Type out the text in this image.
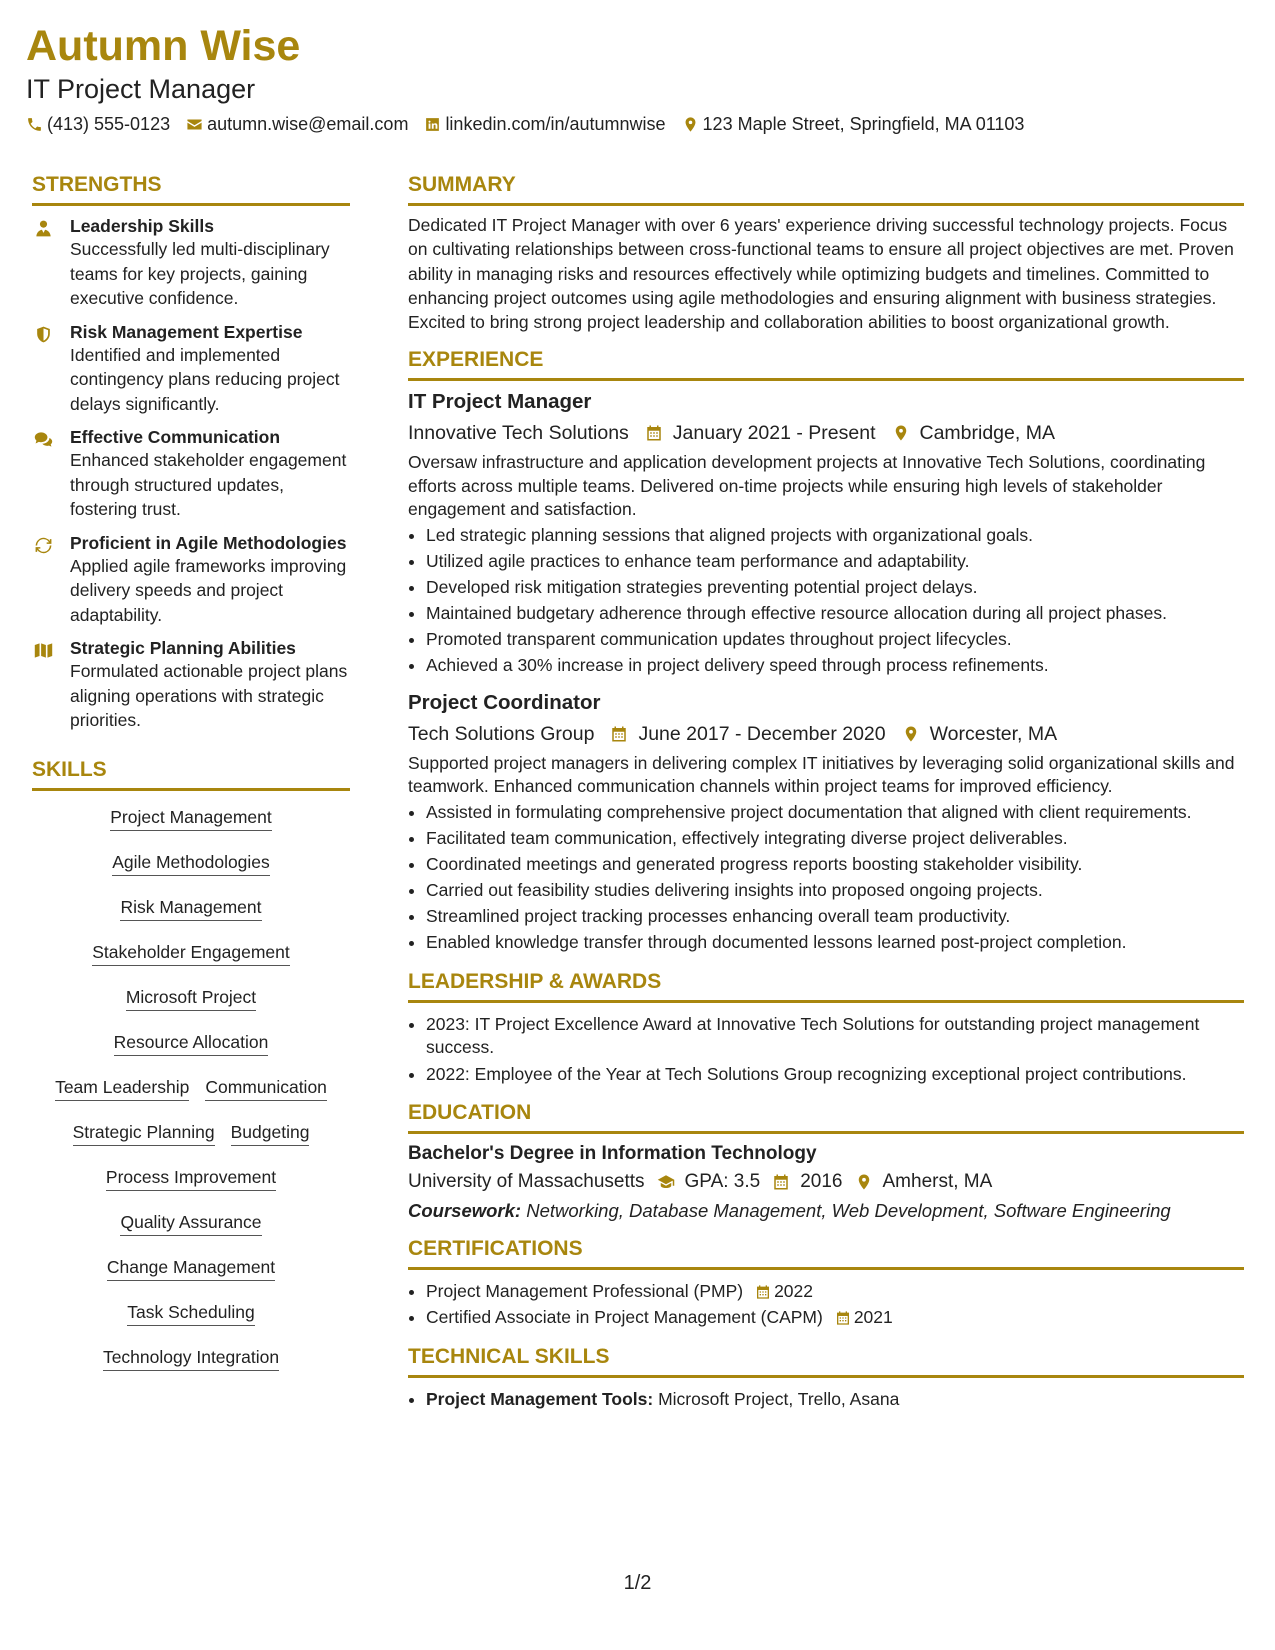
Autumn Wise
IT Project Manager
(413) 555-0123 autumn.wise@email.com linkedin.com/in/autumnwise 123 Maple Street, Springfield, MA 01103
STRENGTHS
Leadership Skills
Successfully led multi-disciplinary teams for key projects, gaining executive confidence.
Risk Management Expertise
Identified and implemented contingency plans reducing project delays significantly.
Effective Communication
Enhanced stakeholder engagement through structured updates, fostering trust.
Proficient in Agile Methodologies
Applied agile frameworks improving delivery speeds and project adaptability.
Strategic Planning Abilities
Formulated actionable project plans aligning operations with strategic priorities.
SKILLS
Project Management
Agile Methodologies
Risk Management
Stakeholder Engagement
Microsoft Project
Resource Allocation
Team Leadership Communication
Strategic Planning Budgeting
Process Improvement
Quality Assurance
Change Management
Task Scheduling
Technology Integration
SUMMARY
Dedicated IT Project Manager with over 6 years' experience driving successful technology projects. Focus on cultivating relationships between cross-functional teams to ensure all project objectives are met. Proven ability in managing risks and resources effectively while optimizing budgets and timelines. Committed to enhancing project outcomes using agile methodologies and ensuring alignment with business strategies. Excited to bring strong project leadership and collaboration abilities to boost organizational growth.
EXPERIENCE
IT Project Manager
Innovative Tech Solutions January 2021 - Present Cambridge, MA
Oversaw infrastructure and application development projects at Innovative Tech Solutions, coordinating efforts across multiple teams. Delivered on-time projects while ensuring high levels of stakeholder engagement and satisfaction.
• Led strategic planning sessions that aligned projects with organizational goals.
• Utilized agile practices to enhance team performance and adaptability.
• Developed risk mitigation strategies preventing potential project delays.
• Maintained budgetary adherence through effective resource allocation during all project phases.
• Promoted transparent communication updates throughout project lifecycles.
• Achieved a 30% increase in project delivery speed through process refinements.
Project Coordinator
Tech Solutions Group June 2017 - December 2020 Worcester, MA
Supported project managers in delivering complex IT initiatives by leveraging solid organizational skills and teamwork. Enhanced communication channels within project teams for improved efficiency.
• Assisted in formulating comprehensive project documentation that aligned with client requirements.
• Facilitated team communication, effectively integrating diverse project deliverables.
• Coordinated meetings and generated progress reports boosting stakeholder visibility.
• Carried out feasibility studies delivering insights into proposed ongoing projects.
• Streamlined project tracking processes enhancing overall team productivity.
• Enabled knowledge transfer through documented lessons learned post-project completion.
LEADERSHIP & AWARDS
• 2023: IT Project Excellence Award at Innovative Tech Solutions for outstanding project management success.
• 2022: Employee of the Year at Tech Solutions Group recognizing exceptional project contributions.
EDUCATION
Bachelor's Degree in Information Technology
University of Massachusetts GPA: 3.5 2016 Amherst, MA
Coursework: Networking, Database Management, Web Development, Software Engineering
CERTIFICATIONS
• Project Management Professional (PMP) 2022
• Certified Associate in Project Management (CAPM) 2021
TECHNICAL SKILLS
• Project Management Tools: Microsoft Project, Trello, Asana
1/2
